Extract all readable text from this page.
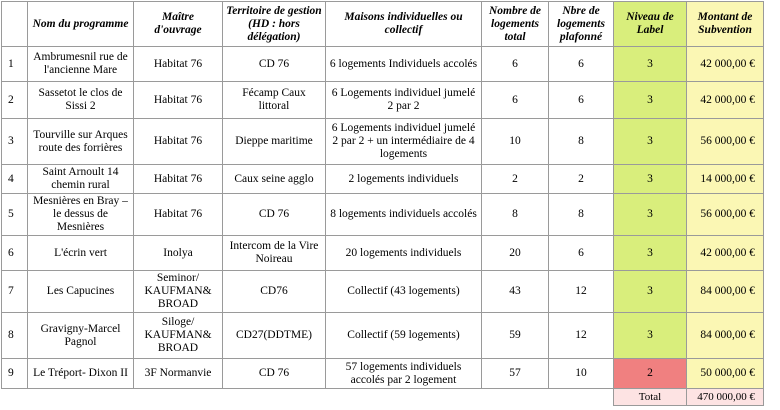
	Nom du programme	Maître d'ouvrage	Territoire de gestion (HD : hors délégation)	Maisons individuelles ou collectif	Nombre de logements total	Nbre de logements plafonné	Niveau de Label	Montant de Subvention
1	Ambrumesnil rue de l'ancienne Mare	Habitat 76	CD 76	6 logements Individuels accolés	6	6	3	42 000,00 €
2	Sassetot le clos de Sissi 2	Habitat 76	Fécamp Caux littoral	6 Logements individuel jumelé 2 par 2	6	6	3	42 000,00 €
3	Tourville sur Arques route des forrières	Habitat 76	Dieppe maritime	6 Logements individuel jumelé 2 par 2 + un intermédiaire de 4 logements	10	8	3	56 000,00 €
4	Saint Arnoult 14 chemin rural	Habitat 76	Caux seine agglo	2 logements individuels	2	2	3	14 000,00 €
5	Mesnières en Bray – le dessus de Mesnières	Habitat 76	CD 76	8 logements individuels accolés	8	8	3	56 000,00 €
6	L'écrin vert	Inolya	Intercom de la Vire Noireau	20 logements individuels	20	6	3	42 000,00 €
7	Les Capucines	Seminor/ KAUFMAN& BROAD	CD76	Collectif (43 logements)	43	12	3	84 000,00 €
8	Gravigny-Marcel Pagnol	Siloge/ KAUFMAN& BROAD	CD27(DDTME)	Collectif (59 logements)	59	12	3	84 000,00 €
9	Le Tréport- Dixon II	3F Normanvie	CD 76	57 logements individuels accolés par 2 logement	57	10	2	50 000,00 €
							Total	470 000,00 €
